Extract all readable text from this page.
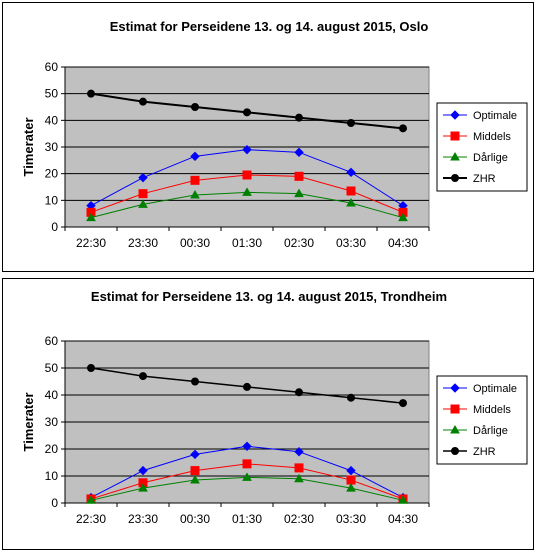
Estimat for Perseidene 13. og 14. august 2015, Oslo
0
10
20
30
40
50
60
22:30 23:30 00:30 01:30 02:30 03:30 04:30
Timerater
Optimale
Middels
Dårlige
ZHR
Estimat for Perseidene 13. og 14. august 2015, Trondheim
0
10
20
30
40
50
60
22:30 23:30 00:30 01:30 02:30 03:30 04:30
Timerater
Optimale
Middels
Dårlige
ZHR
